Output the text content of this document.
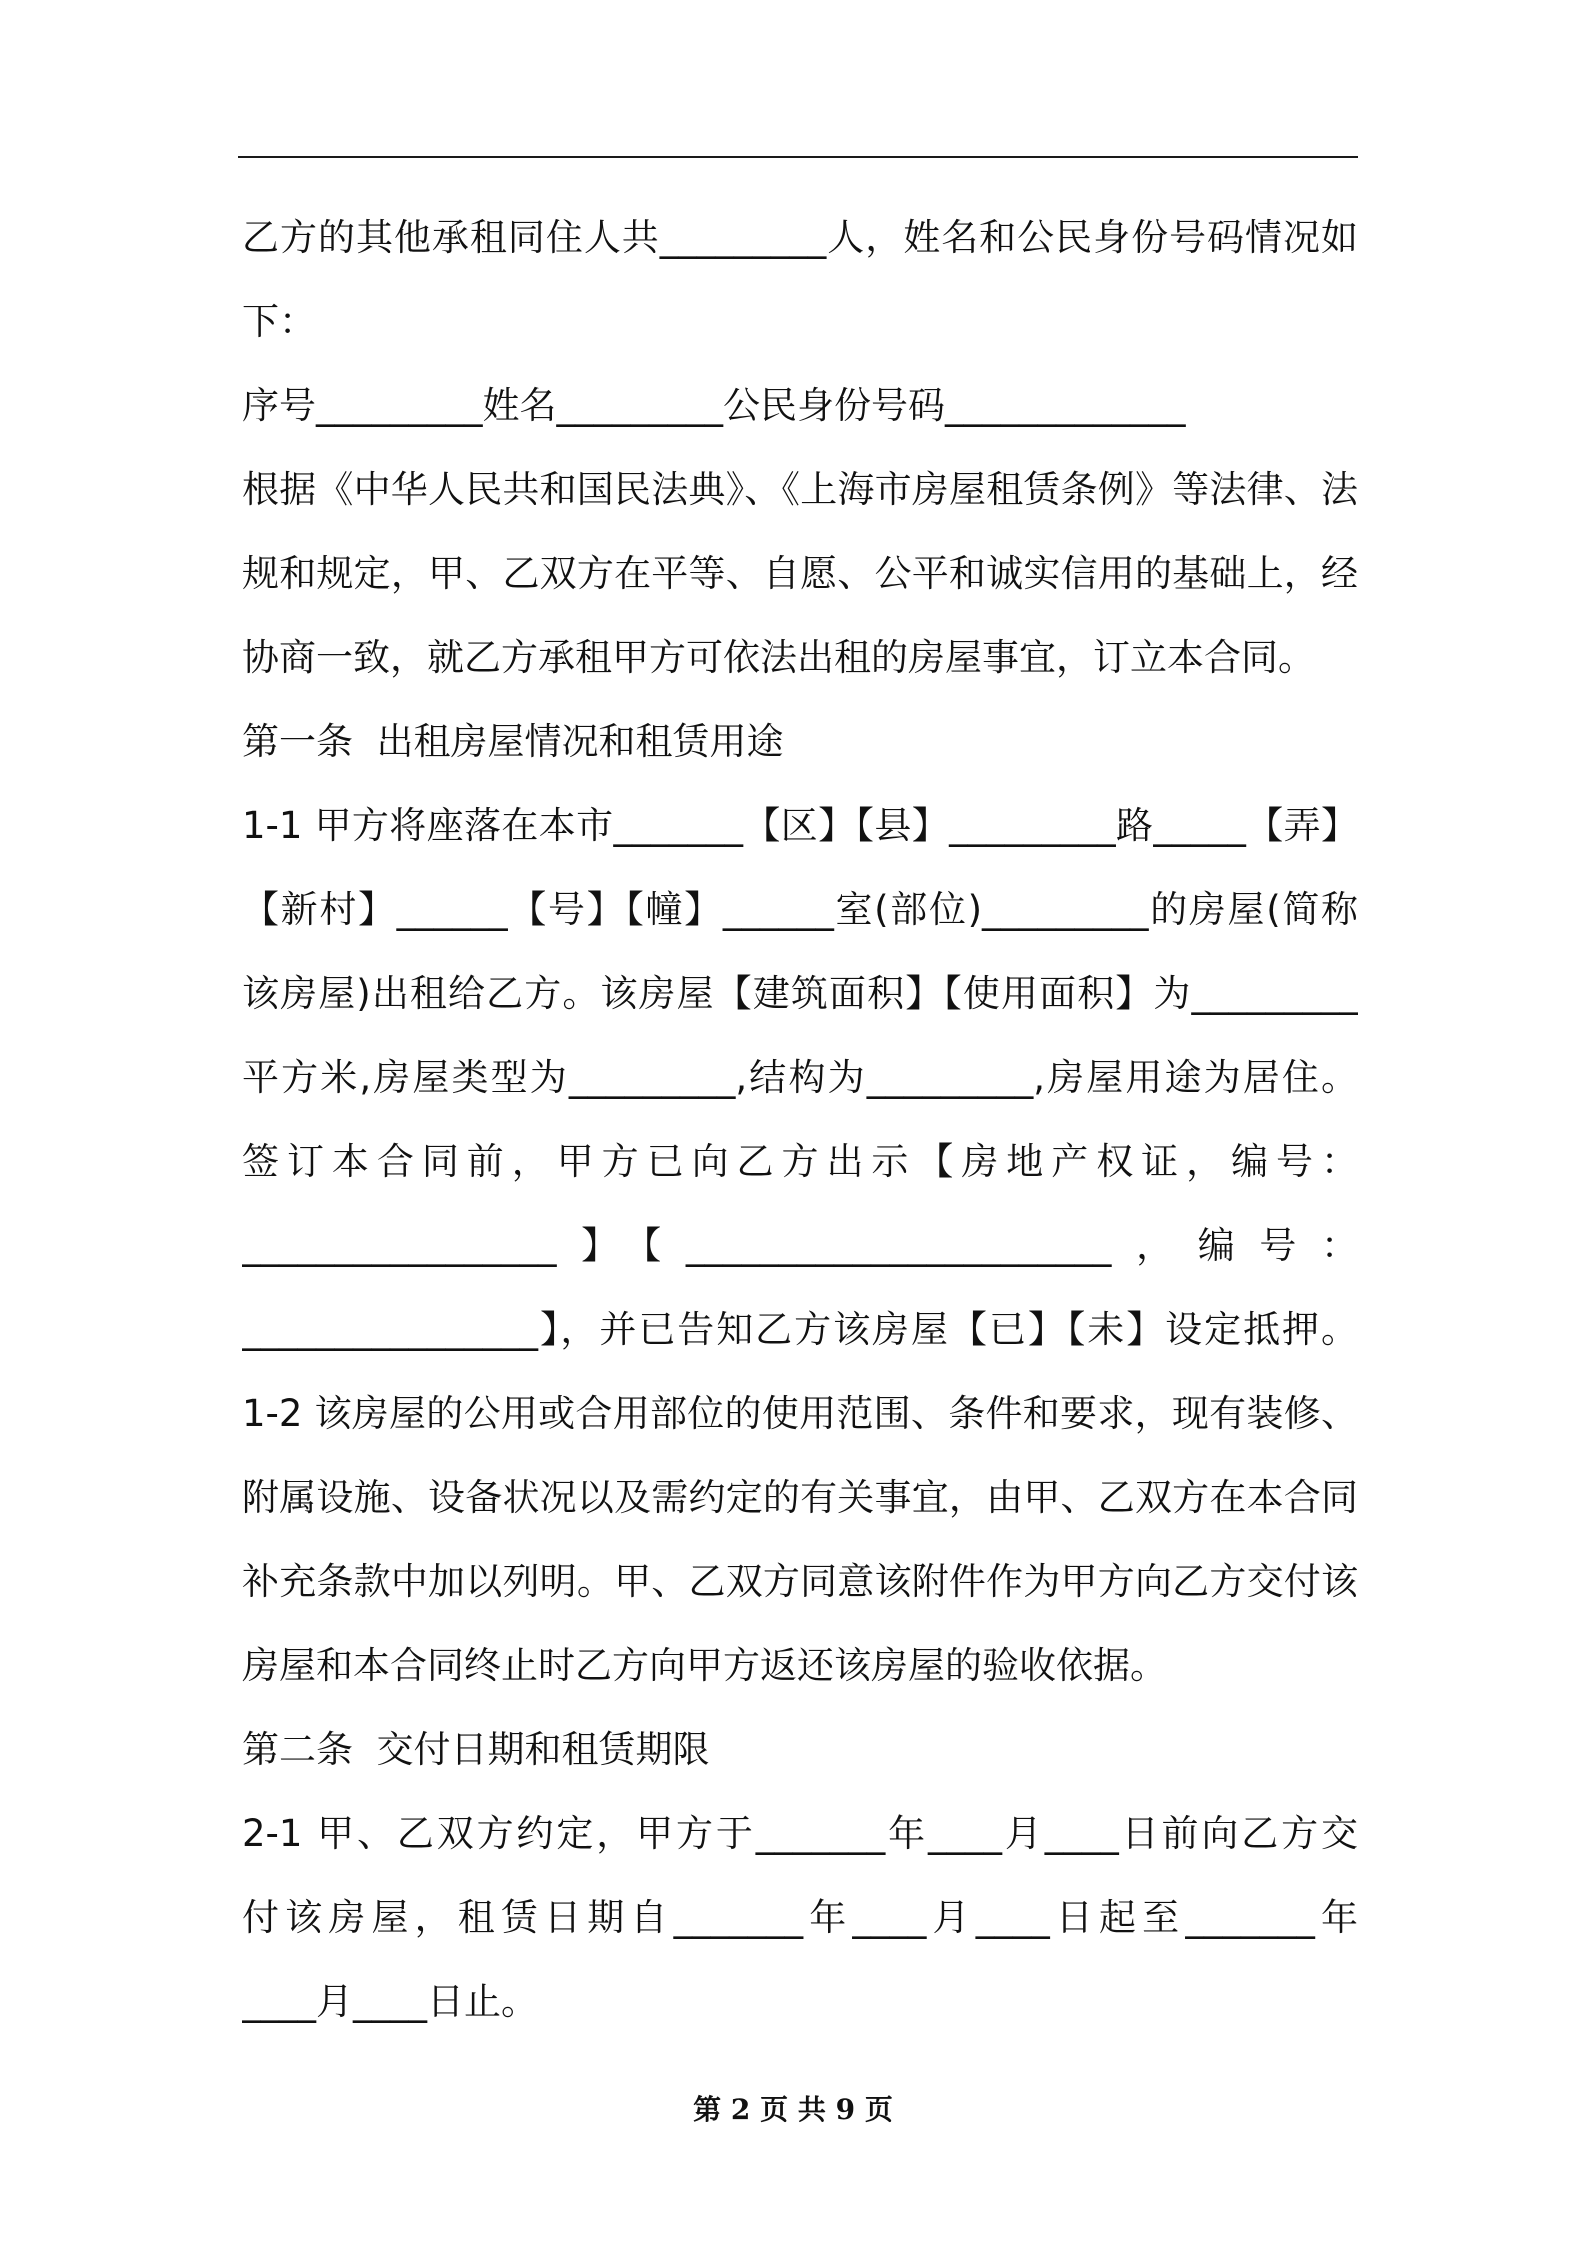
乙方的其他承租同住人共_________人，姓名和公民身份号码情况如
下：
序号_________姓名_________公民身份号码_____________
根据《中华人民共和国民法典》、《上海市房屋租赁条例》等法律、法
规和规定，甲、乙双方在平等、自愿、公平和诚实信用的基础上，经
协商一致，就乙方承租甲方可依法出租的房屋事宜，订立本合同。
第一条  出租房屋情况和租赁用途
1-1 甲方将座落在本市_______【区】【县】_________路_____【弄】
【新村】______【号】【幢】______室(部位)_________的房屋(简称
该房屋)出租给乙方。该房屋【建筑面积】【使用面积】为_________
平方米,房屋类型为_________,结构为_________,房屋用途为居住。
签订本合同前，甲方已向乙方出示【房地产权证，编号：
_________________】【_______________________，编号：
________________】，并已告知乙方该房屋【已】【未】设定抵押。
1-2 该房屋的公用或合用部位的使用范围、条件和要求，现有装修、
附属设施、设备状况以及需约定的有关事宜，由甲、乙双方在本合同
补充条款中加以列明。甲、乙双方同意该附件作为甲方向乙方交付该
房屋和本合同终止时乙方向甲方返还该房屋的验收依据。
第二条  交付日期和租赁期限
2-1 甲、乙双方约定，甲方于_______年____月____日前向乙方交
付该房屋，租赁日期自_______年____月____日起至_______年
____月____日止。
第 2 页 共 9 页
